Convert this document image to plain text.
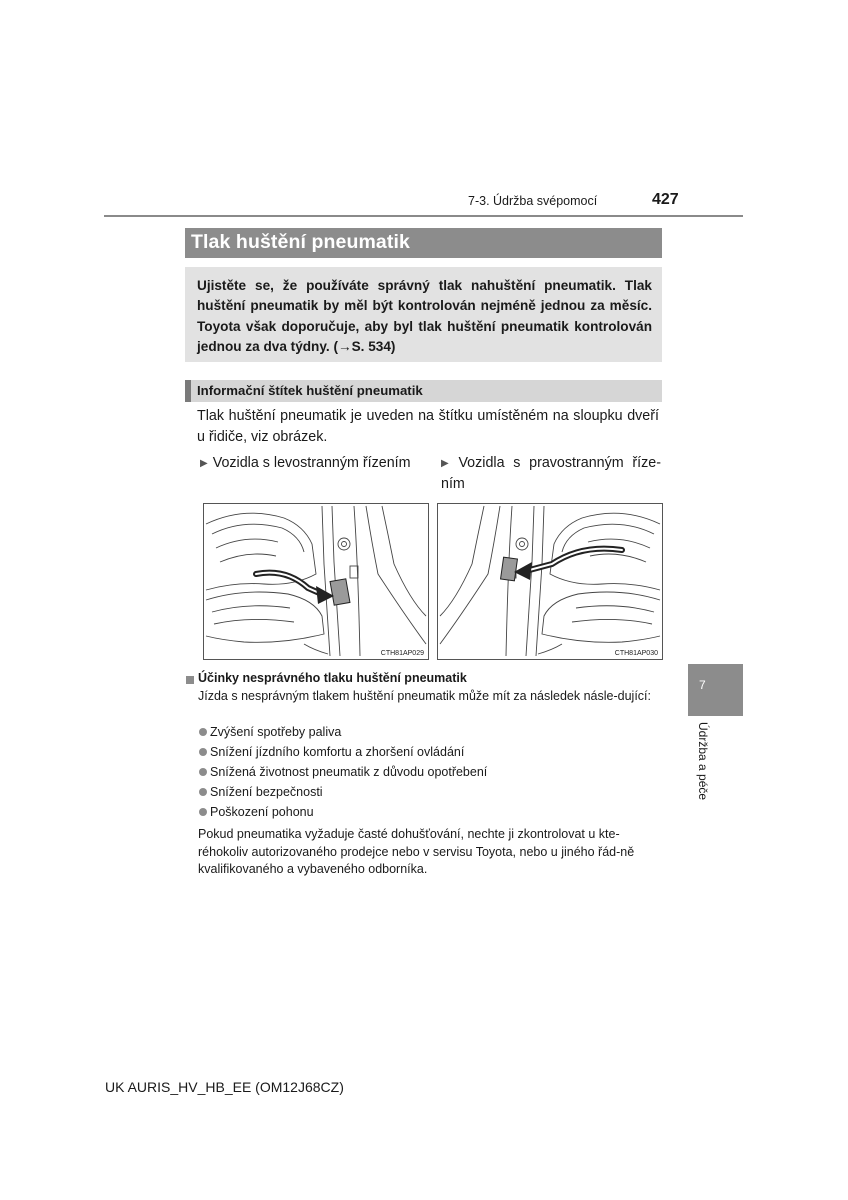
7-3. Údržba svépomocí	427
Tlak huštění pneumatik
Ujistěte se, že používáte správný tlak nahuštění pneumatik. Tlak huštění pneumatik by měl být kontrolován nejméně jednou za měsíc. Toyota však doporučuje, aby byl tlak huštění pneumatik kontrolován jednou za dva týdny. (→S. 534)
Informační štítek huštění pneumatik
Tlak huštění pneumatik je uveden na štítku umístěném na sloupku dveří u řidiče, viz obrázek.
▶ Vozidla s levostranným řízením	▶ Vozidla s pravostranným říze-ním
CTH81AP029	CTH81AP030
Účinky nesprávného tlaku huštění pneumatik
Jízda s nesprávným tlakem huštění pneumatik může mít za následek násle-dující:
Zvýšení spotřeby paliva
Snížení jízdního komfortu a zhoršení ovládání
Snížená životnost pneumatik z důvodu opotřebení
Snížení bezpečnosti
Poškození pohonu
Pokud pneumatika vyžaduje časté dohušťování, nechte ji zkontrolovat u kte-réhokoliv autorizovaného prodejce nebo v servisu Toyota, nebo u jiného řád-ně kvalifikovaného a vybaveného odborníka.
7
Údržba a péče
UK AURIS_HV_HB_EE (OM12J68CZ)
